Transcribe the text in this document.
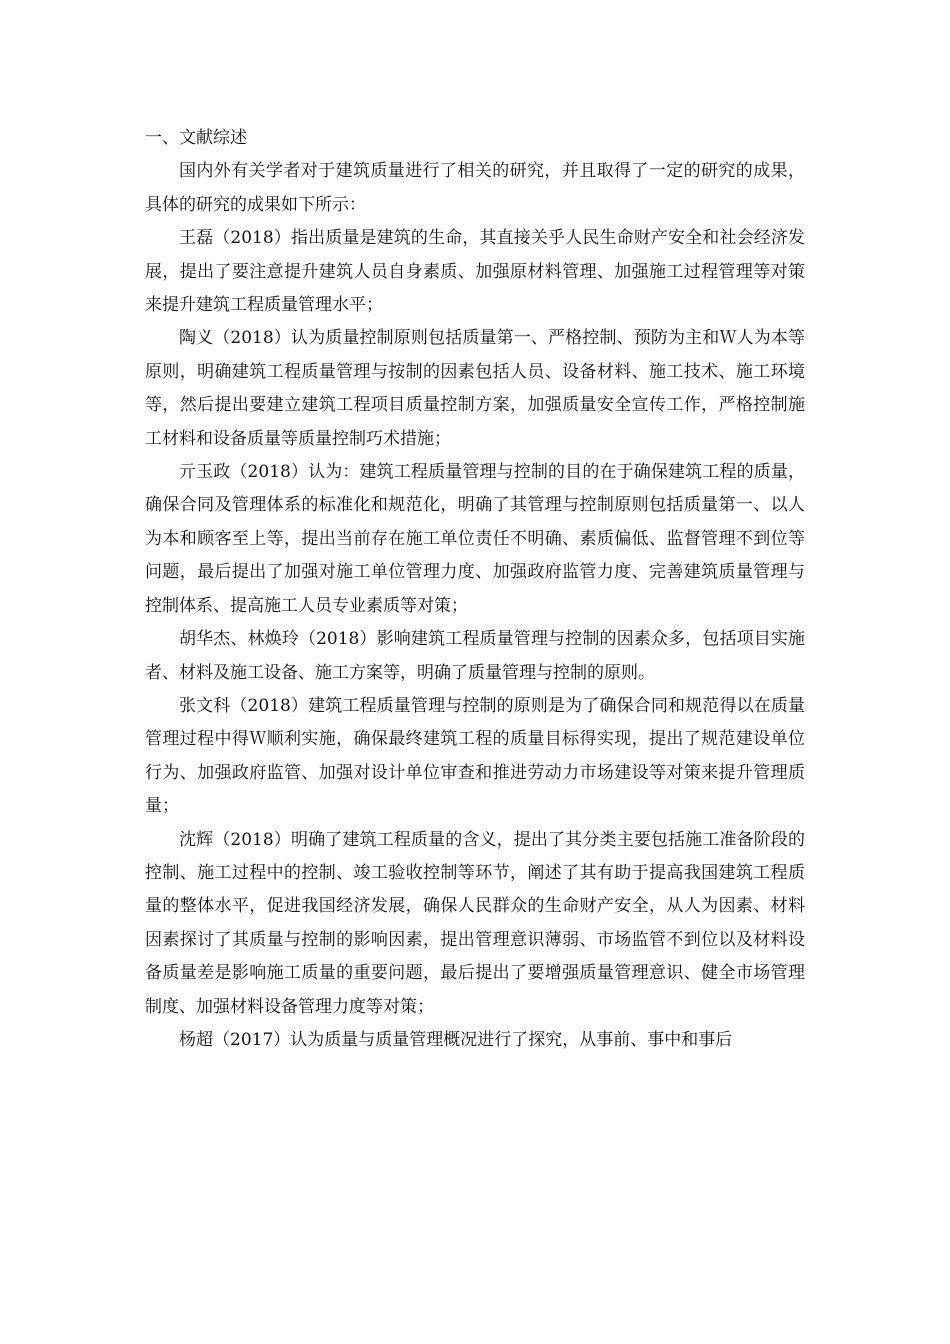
一、文献综述

国内外有关学者对于建筑质量进行了相关的研究，并且取得了一定的研究的成果，具体的研究的成果如下所示：

王磊（2018）指出质量是建筑的生命，其直接关乎人民生命财产安全和社会经济发展，提出了要注意提升建筑人员自身素质、加强原材料管理、加强施工过程管理等对策来提升建筑工程质量管理水平；

陶义（2018）认为质量控制原则包括质量第一、严格控制、预防为主和Ｗ人为本等原则，明确建筑工程质量管理与按制的因素包括人员、设备材料、施工技术、施工环境等，然后提出要建立建筑工程项目质量控制方案，加强质量安全宣传工作，严格控制施工材料和设备质量等质量控制巧术措施；

亓玉政（2018）认为：建筑工程质量管理与控制的目的在于确保建筑工程的质量，确保合同及管理体系的标准化和规范化，明确了其管理与控制原则包括质量第一、以人为本和顾客至上等，提出当前存在施工单位责任不明确、素质偏低、监督管理不到位等问题，最后提出了加强对施工单位管理力度、加强政府监管力度、完善建筑质量管理与控制体系、提高施工人员专业素质等对策；

胡华杰、林焕玲（2018）影响建筑工程质量管理与控制的因素众多，包括项目实施者、材料及施工设备、施工方案等，明确了质量管理与控制的原则。

张文科（2018）建筑工程质量管理与控制的原则是为了确保合同和规范得以在质量管理过程中得Ｗ顺利实施，确保最终建筑工程的质量目标得实现，提出了规范建设单位行为、加强政府监管、加强对设计单位审查和推进劳动力市场建设等对策来提升管理质量；

沈辉（2018）明确了建筑工程质量的含义，提出了其分类主要包括施工准备阶段的控制、施工过程中的控制、竣工验收控制等环节，阐述了其有助于提高我国建筑工程质量的整体水平，促进我国经济发展，确保人民群众的生命财产安全，从人为因素、材料因素探讨了其质量与控制的影响因素，提出管理意识薄弱、市场监管不到位以及材料设备质量差是影响施工质量的重要问题，最后提出了要增强质量管理意识、健全市场管理制度、加强材料设备管理力度等对策；

杨超（2017）认为质量与质量管理概况进行了探究，从事前、事中和事后
